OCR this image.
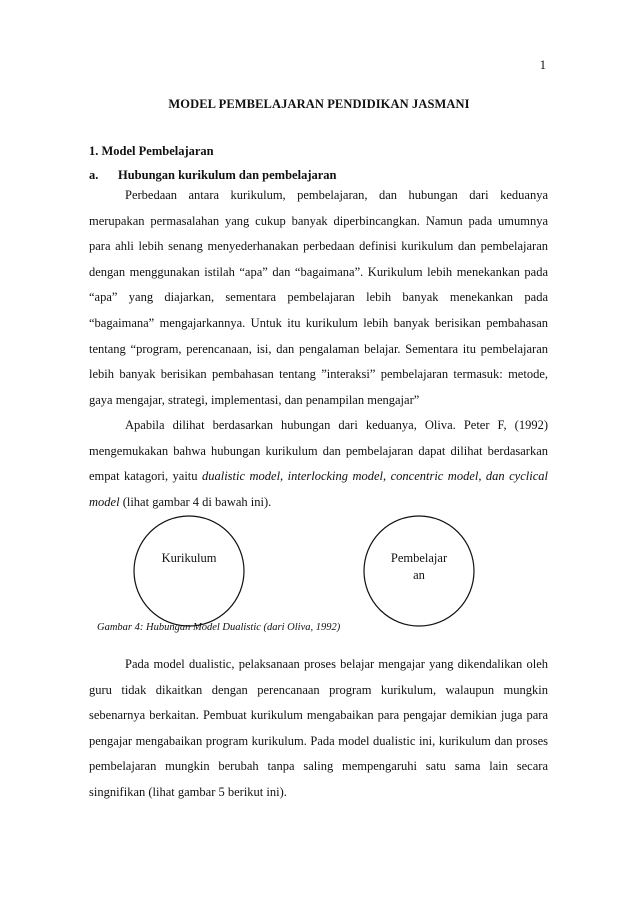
1
MODEL PEMBELAJARAN PENDIDIKAN JASMANI
1. Model Pembelajaran
a. Hubungan kurikulum dan pembelajaran

Perbedaan antara kurikulum, pembelajaran, dan hubungan dari keduanya merupakan permasalahan yang cukup banyak diperbincangkan. Namun pada umumnya para ahli lebih senang menyederhanakan perbedaan definisi kurikulum dan pembelajaran dengan menggunakan istilah “apa” dan “bagaimana”. Kurikulum lebih menekankan pada “apa” yang diajarkan, sementara pembelajaran lebih banyak menekankan pada “bagaimana” mengajarkannya. Untuk itu kurikulum lebih banyak berisikan pembahasan tentang “program, perencanaan, isi, dan pengalaman belajar. Sementara itu pembelajaran lebih banyak berisikan pembahasan tentang ”interaksi” pembelajaran termasuk: metode, gaya mengajar, strategi, implementasi, dan penampilan mengajar”

Apabila dilihat berdasarkan hubungan dari keduanya, Oliva. Peter F, (1992) mengemukakan bahwa hubungan kurikulum dan pembelajaran dapat dilihat berdasarkan empat katagori, yaitu dualistic model, interlocking model, concentric model, dan cyclical model (lihat gambar 4 di bawah ini).

Kurikulum	Pembelajar
an
Gambar 4: Hubungan Model Dualistic (dari Oliva, 1992)

Pada model dualistic, pelaksanaan proses belajar mengajar yang dikendalikan oleh guru tidak dikaitkan dengan perencanaan program kurikulum, walaupun mungkin sebenarnya berkaitan. Pembuat kurikulum mengabaikan para pengajar demikian juga para pengajar mengabaikan program kurikulum. Pada model dualistic ini, kurikulum dan proses pembelajaran mungkin berubah tanpa saling mempengaruhi satu sama lain secara singnifikan (lihat gambar 5 berikut ini).
